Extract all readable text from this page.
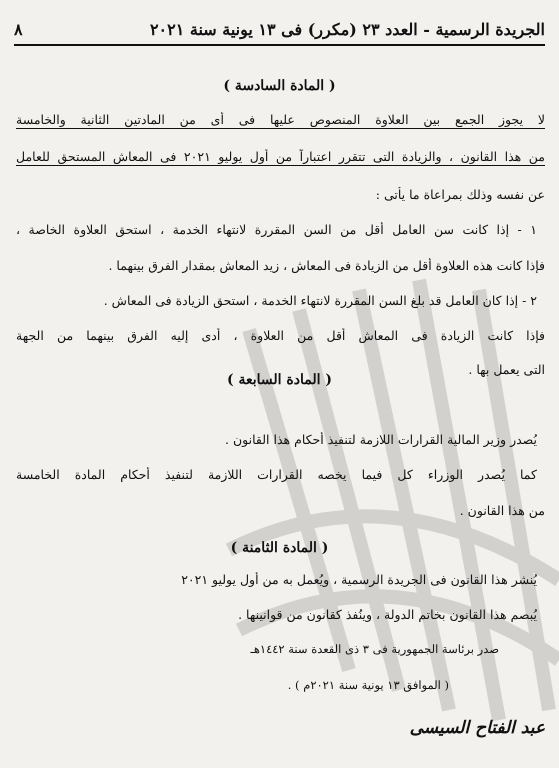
الجريدة الرسمية - العدد ٢٣ (مكرر) فى ١٣ يونية سنة ٢٠٢١
٨
( المادة السادسة )
لا يجوز الجمع بين العلاوة المنصوص عليها فى أى من المادتين الثانية والخامسة
من هذا القانون ، والزيادة التى تتقرر اعتباراً من أول يوليو ٢٠٢١ فى المعاش المستحق للعامل
عن نفسه وذلك بمراعاة ما يأتى :
١ - إذا كانت سن العامل أقل من السن المقررة لانتهاء الخدمة ، استحق العلاوة الخاصة ،
فإذا كانت هذه العلاوة أقل من الزيادة فى المعاش ، زيد المعاش بمقدار الفرق بينهما .
٢ - إذا كان العامل قد بلغ السن المقررة لانتهاء الخدمة ، استحق الزيادة فى المعاش .
فإذا كانت الزيادة فى المعاش أقل من العلاوة ، أدى إليه الفرق بينهما من الجهة
التى يعمل بها .
( المادة السابعة )
يُصدر وزير المالية القرارات اللازمة لتنفيذ أحكام هذا القانون .
كما يُصدر الوزراء كل فيما يخصه القرارات اللازمة لتنفيذ أحكام المادة الخامسة
من هذا القانون .
( المادة الثامنة )
يُنشر هذا القانون فى الجريدة الرسمية ، ويُعمل به من أول يوليو ٢٠٢١
يُبصم هذا القانون بخاتم الدولة ، وينُفذ كقانون من قوانينها .
صدر برئاسة الجمهورية فى ٣ ذى القعدة سنة ١٤٤٢هـ
( الموافق ١٣ يونية سنة ٢٠٢١م ) .
عبد الفتاح السيسى
